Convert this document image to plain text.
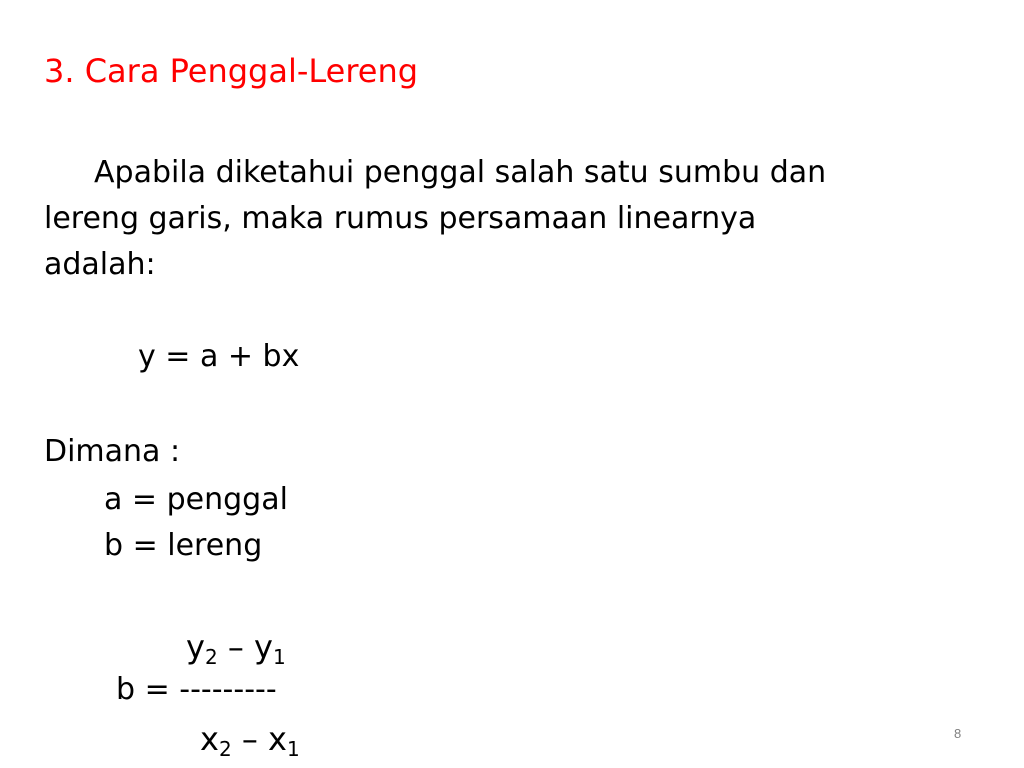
3. Cara Penggal-Lereng
Apabila diketahui penggal salah satu sumbu dan
lereng garis, maka rumus persamaan linearnya
adalah:
y = a + bx
Dimana :
a = penggal
b = lereng
$y_2 - y_1$
b = ---------
$x_2 - x_1$
8
